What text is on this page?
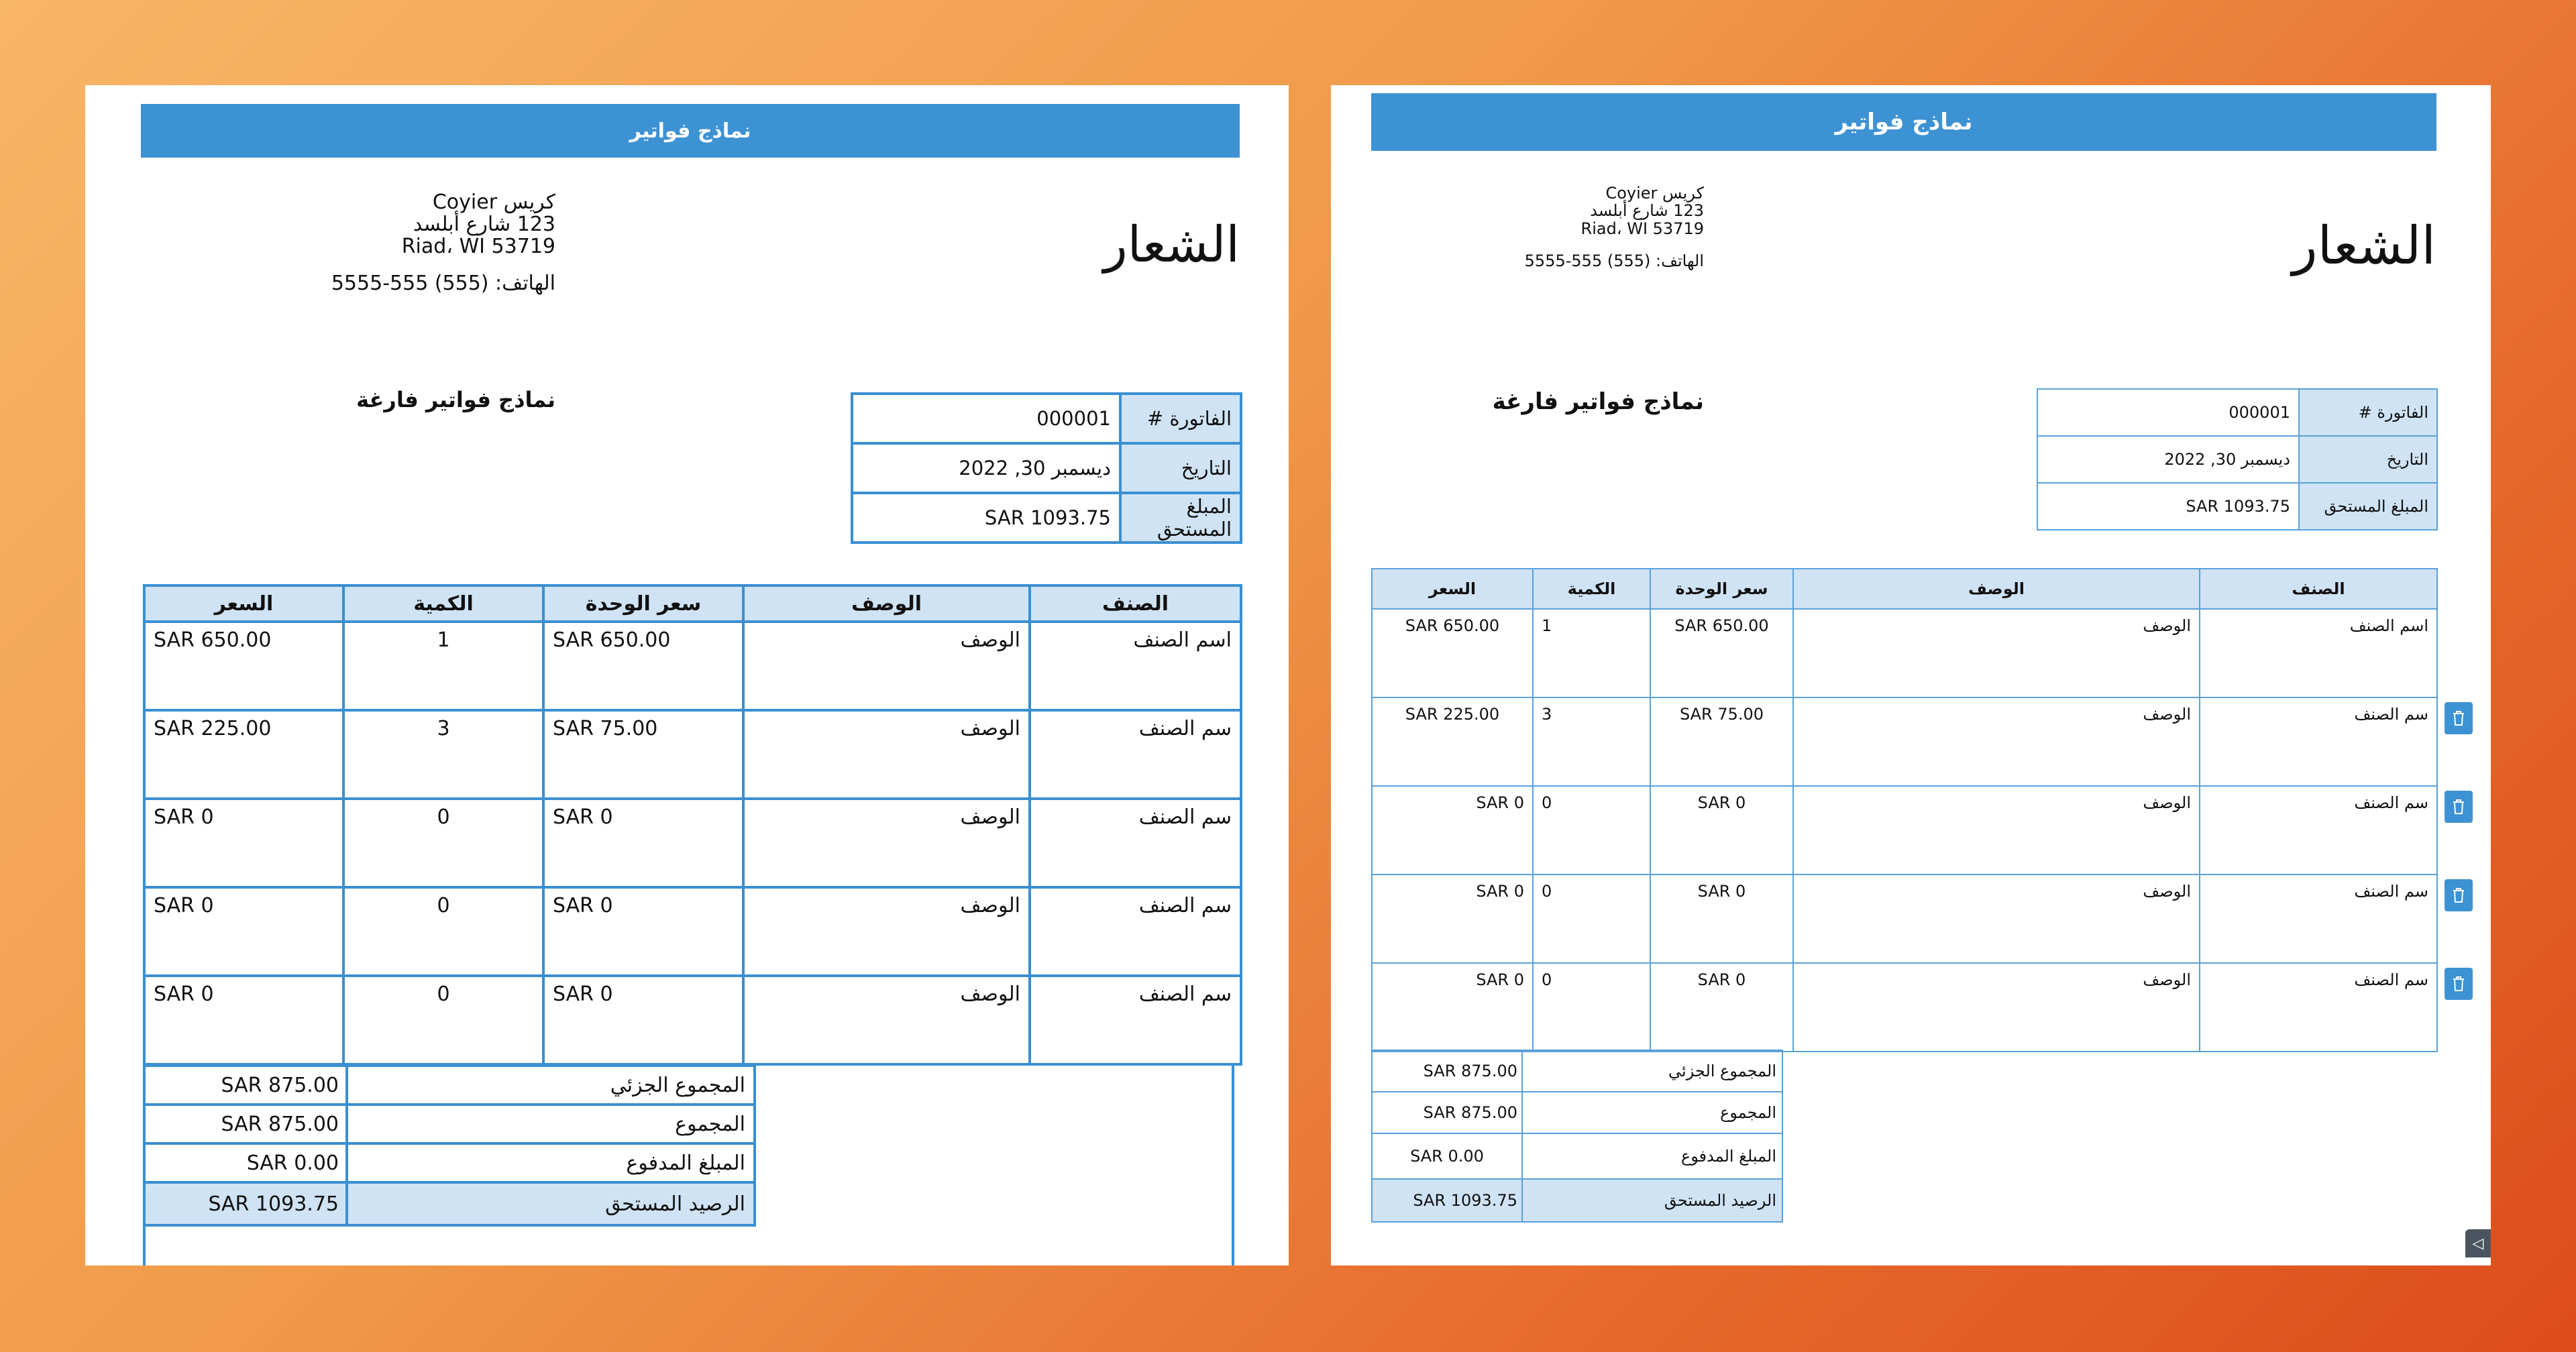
نماذج فواتير
كريس Coyier
123 شارع أبلسد
Riad، WI 53719
الهاتف: (555) 555-5555
الشعار
نماذج فواتير فارغة
الفاتورة #	000001
التاريخ	ديسمبر 30, 2022
المبلغ المستحق	SAR 1093.75
الصنف	الوصف	سعر الوحدة	الكمية	السعر
اسم الصنف	الوصف	SAR 650.00	1	SAR 650.00
سم الصنف	الوصف	SAR 75.00	3	SAR 225.00
سم الصنف	الوصف	SAR 0	0	SAR 0
سم الصنف	الوصف	SAR 0	0	SAR 0
سم الصنف	الوصف	SAR 0	0	SAR 0

المجموع الجزئي	SAR 875.00
المجموع	SAR 875.00
المبلغ المدفوع	SAR 0.00
الرصيد المستحق	SAR 1093.75
نماذج فواتير
كريس Coyier
123 شارع أبلسد
Riad، WI 53719
الهاتف: (555) 555-5555	الشعار
نماذج فواتير فارغة	الفاتورة #	000001
التاريخ	ديسمبر 30, 2022
المبلغ المستحق	SAR 1093.75
الصنف	الوصف	سعر الوحدة	الكمية	السعر
اسم الصنف	الوصف	SAR 650.00	1	SAR 650.00
سم الصنف	الوصف	SAR 75.00	3	SAR 225.00
سم الصنف	الوصف	SAR 0	0	SAR 0
سم الصنف	الوصف	SAR 0	0	SAR 0
سم الصنف	الوصف	SAR 0	0	SAR 0
المجموع الجزئي	SAR 875.00
المجموع	SAR 875.00
المبلغ المدفوع	SAR 0.00
الرصيد المستحق	SAR 1093.75
◁
